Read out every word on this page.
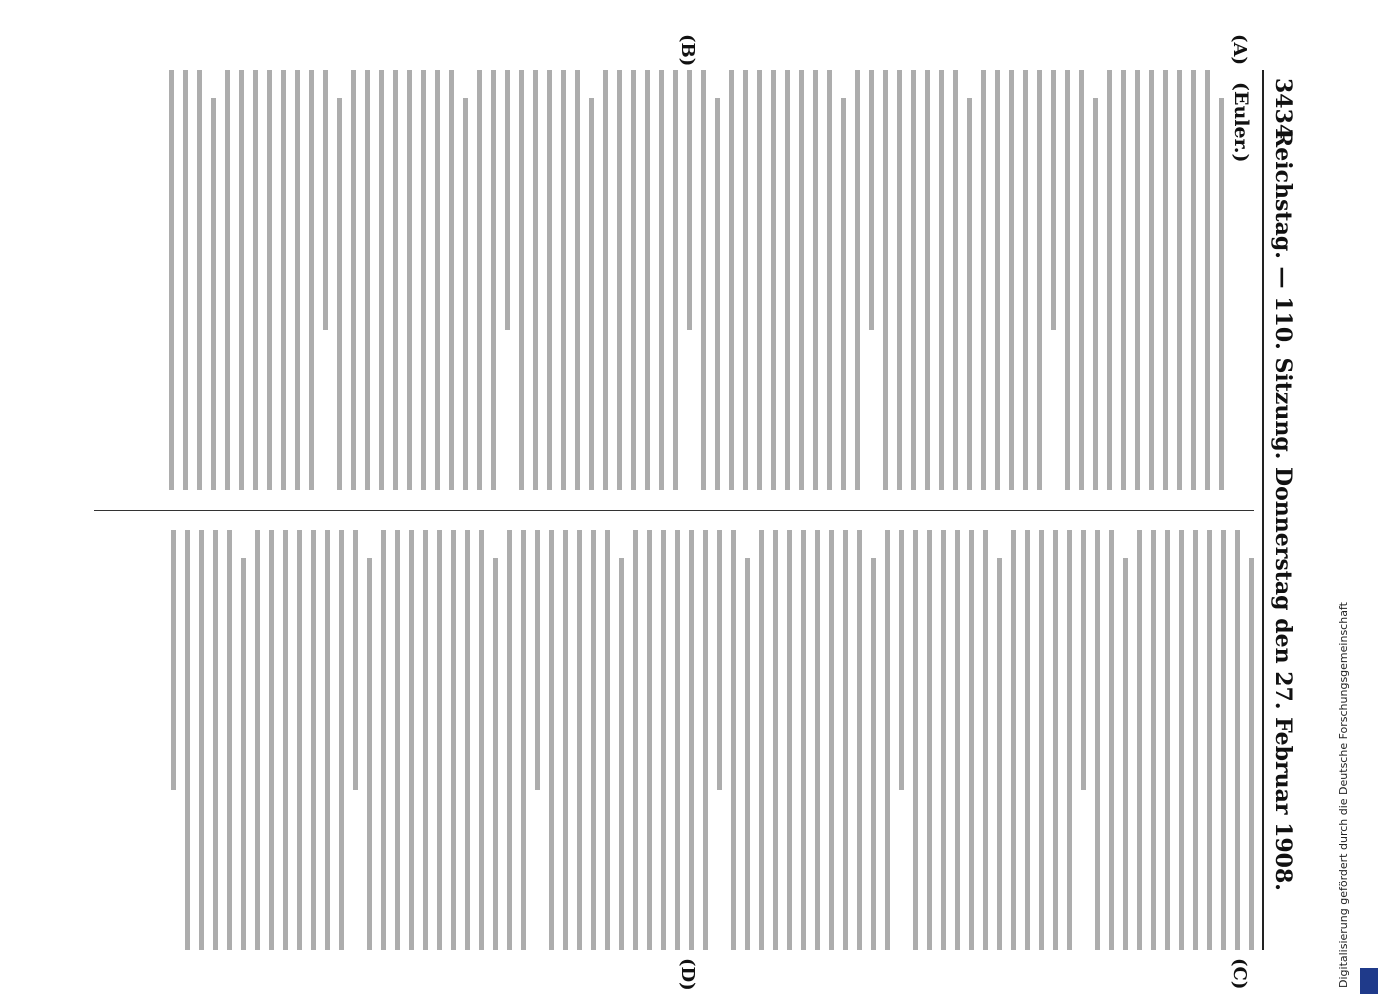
3434
Reichstag. — 110. Sitzung. Donnerstag den 27. Februar 1908.
(Euler.)
(A)
(B)
(C)
(D)	Digitalisierung gefördert durch die Deutsche Forschungsgemeinschaft
